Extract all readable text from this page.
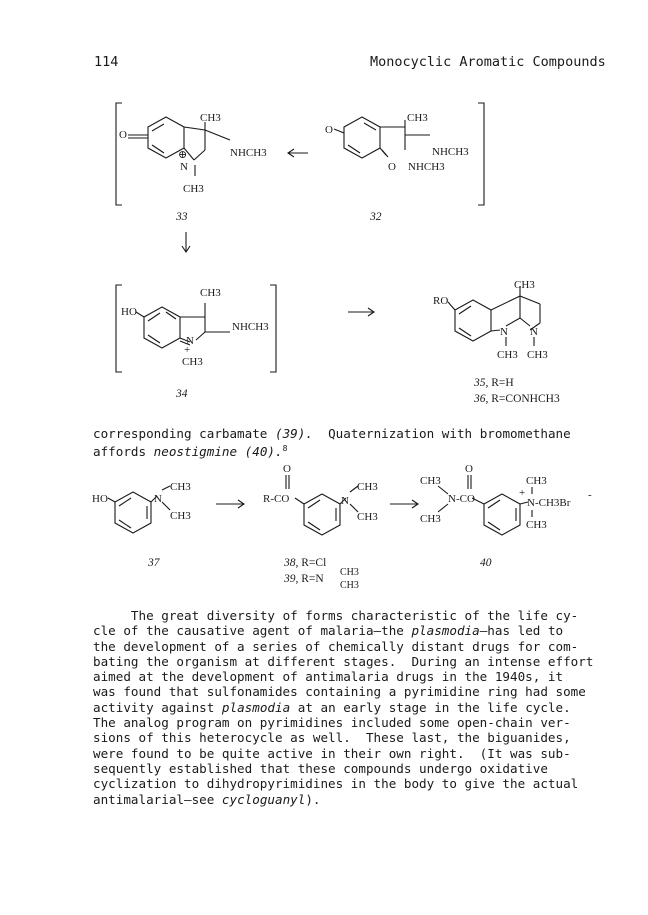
114	Monocyclic Aromatic Compounds
O
CH3
NHCH3
⊕
N
CH3
O
CH3
NHCH3
O NHCH3
HO
CH3
NHCH3
N
+
CH3
RO
CH3
N N
CH3 CH3
33	32
34
35, R=H
36, R=CONHCH3
corresponding carbamate (39).  Quaternization with bromomethane
affords neostigmine (40).$^8$
HO	N
CH3
CH3
O
R-CO	N
CH3
CH3
O
CH3
N-CO
CH3
CH3
+
N-CH3Br
-
CH3
37	38, R=Cl
39, R=N
CH3
CH3
40

The great diversity of forms characteristic of the life cy-

cle of the causative agent of malaria—the plasmodia—has led to

the development of a series of chemically distant drugs for com-

bating the organism at different stages.  During an intense effort

aimed at the development of antimalaria drugs in the 1940s, it

was found that sulfonamides containing a pyrimidine ring had some

activity against plasmodia at an early stage in the life cycle.

The analog program on pyrimidines included some open-chain ver-

sions of this heterocycle as well.  These last, the biguanides,

were found to be quite active in their own right.  (It was sub-

sequently established that these compounds undergo oxidative

cyclization to dihydropyrimidines in the body to give the actual

antimalarial—see cycloguanyl).
